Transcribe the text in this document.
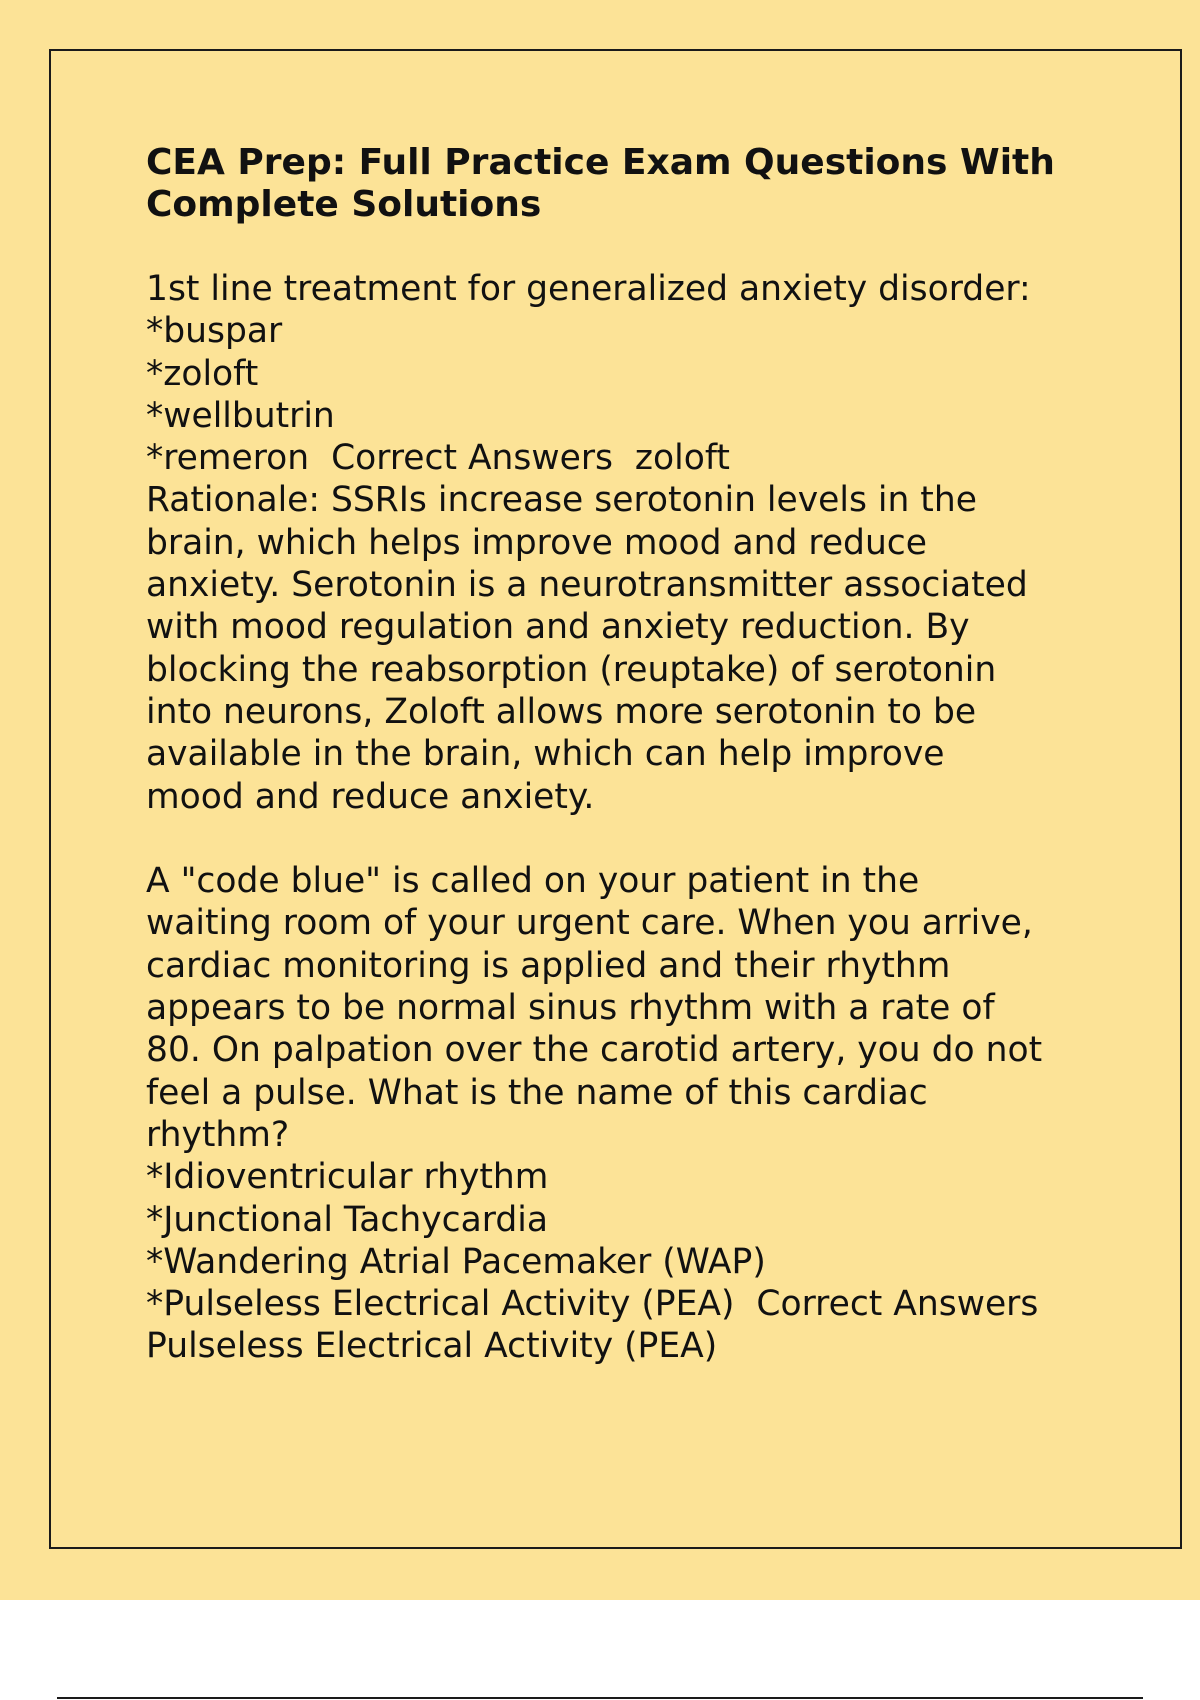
CEA Prep: Full Practice Exam Questions With
Complete Solutions
1st line treatment for generalized anxiety disorder:
*buspar
*zoloft
*wellbutrin
*remeron  Correct Answers  zoloft
Rationale: SSRIs increase serotonin levels in the
brain, which helps improve mood and reduce
anxiety. Serotonin is a neurotransmitter associated
with mood regulation and anxiety reduction. By
blocking the reabsorption (reuptake) of serotonin
into neurons, Zoloft allows more serotonin to be
available in the brain, which can help improve
mood and reduce anxiety.
A "code blue" is called on your patient in the
waiting room of your urgent care. When you arrive,
cardiac monitoring is applied and their rhythm
appears to be normal sinus rhythm with a rate of
80. On palpation over the carotid artery, you do not
feel a pulse. What is the name of this cardiac
rhythm?
*Idioventricular rhythm
*Junctional Tachycardia
*Wandering Atrial Pacemaker (WAP)
*Pulseless Electrical Activity (PEA)  Correct Answers
Pulseless Electrical Activity (PEA)
